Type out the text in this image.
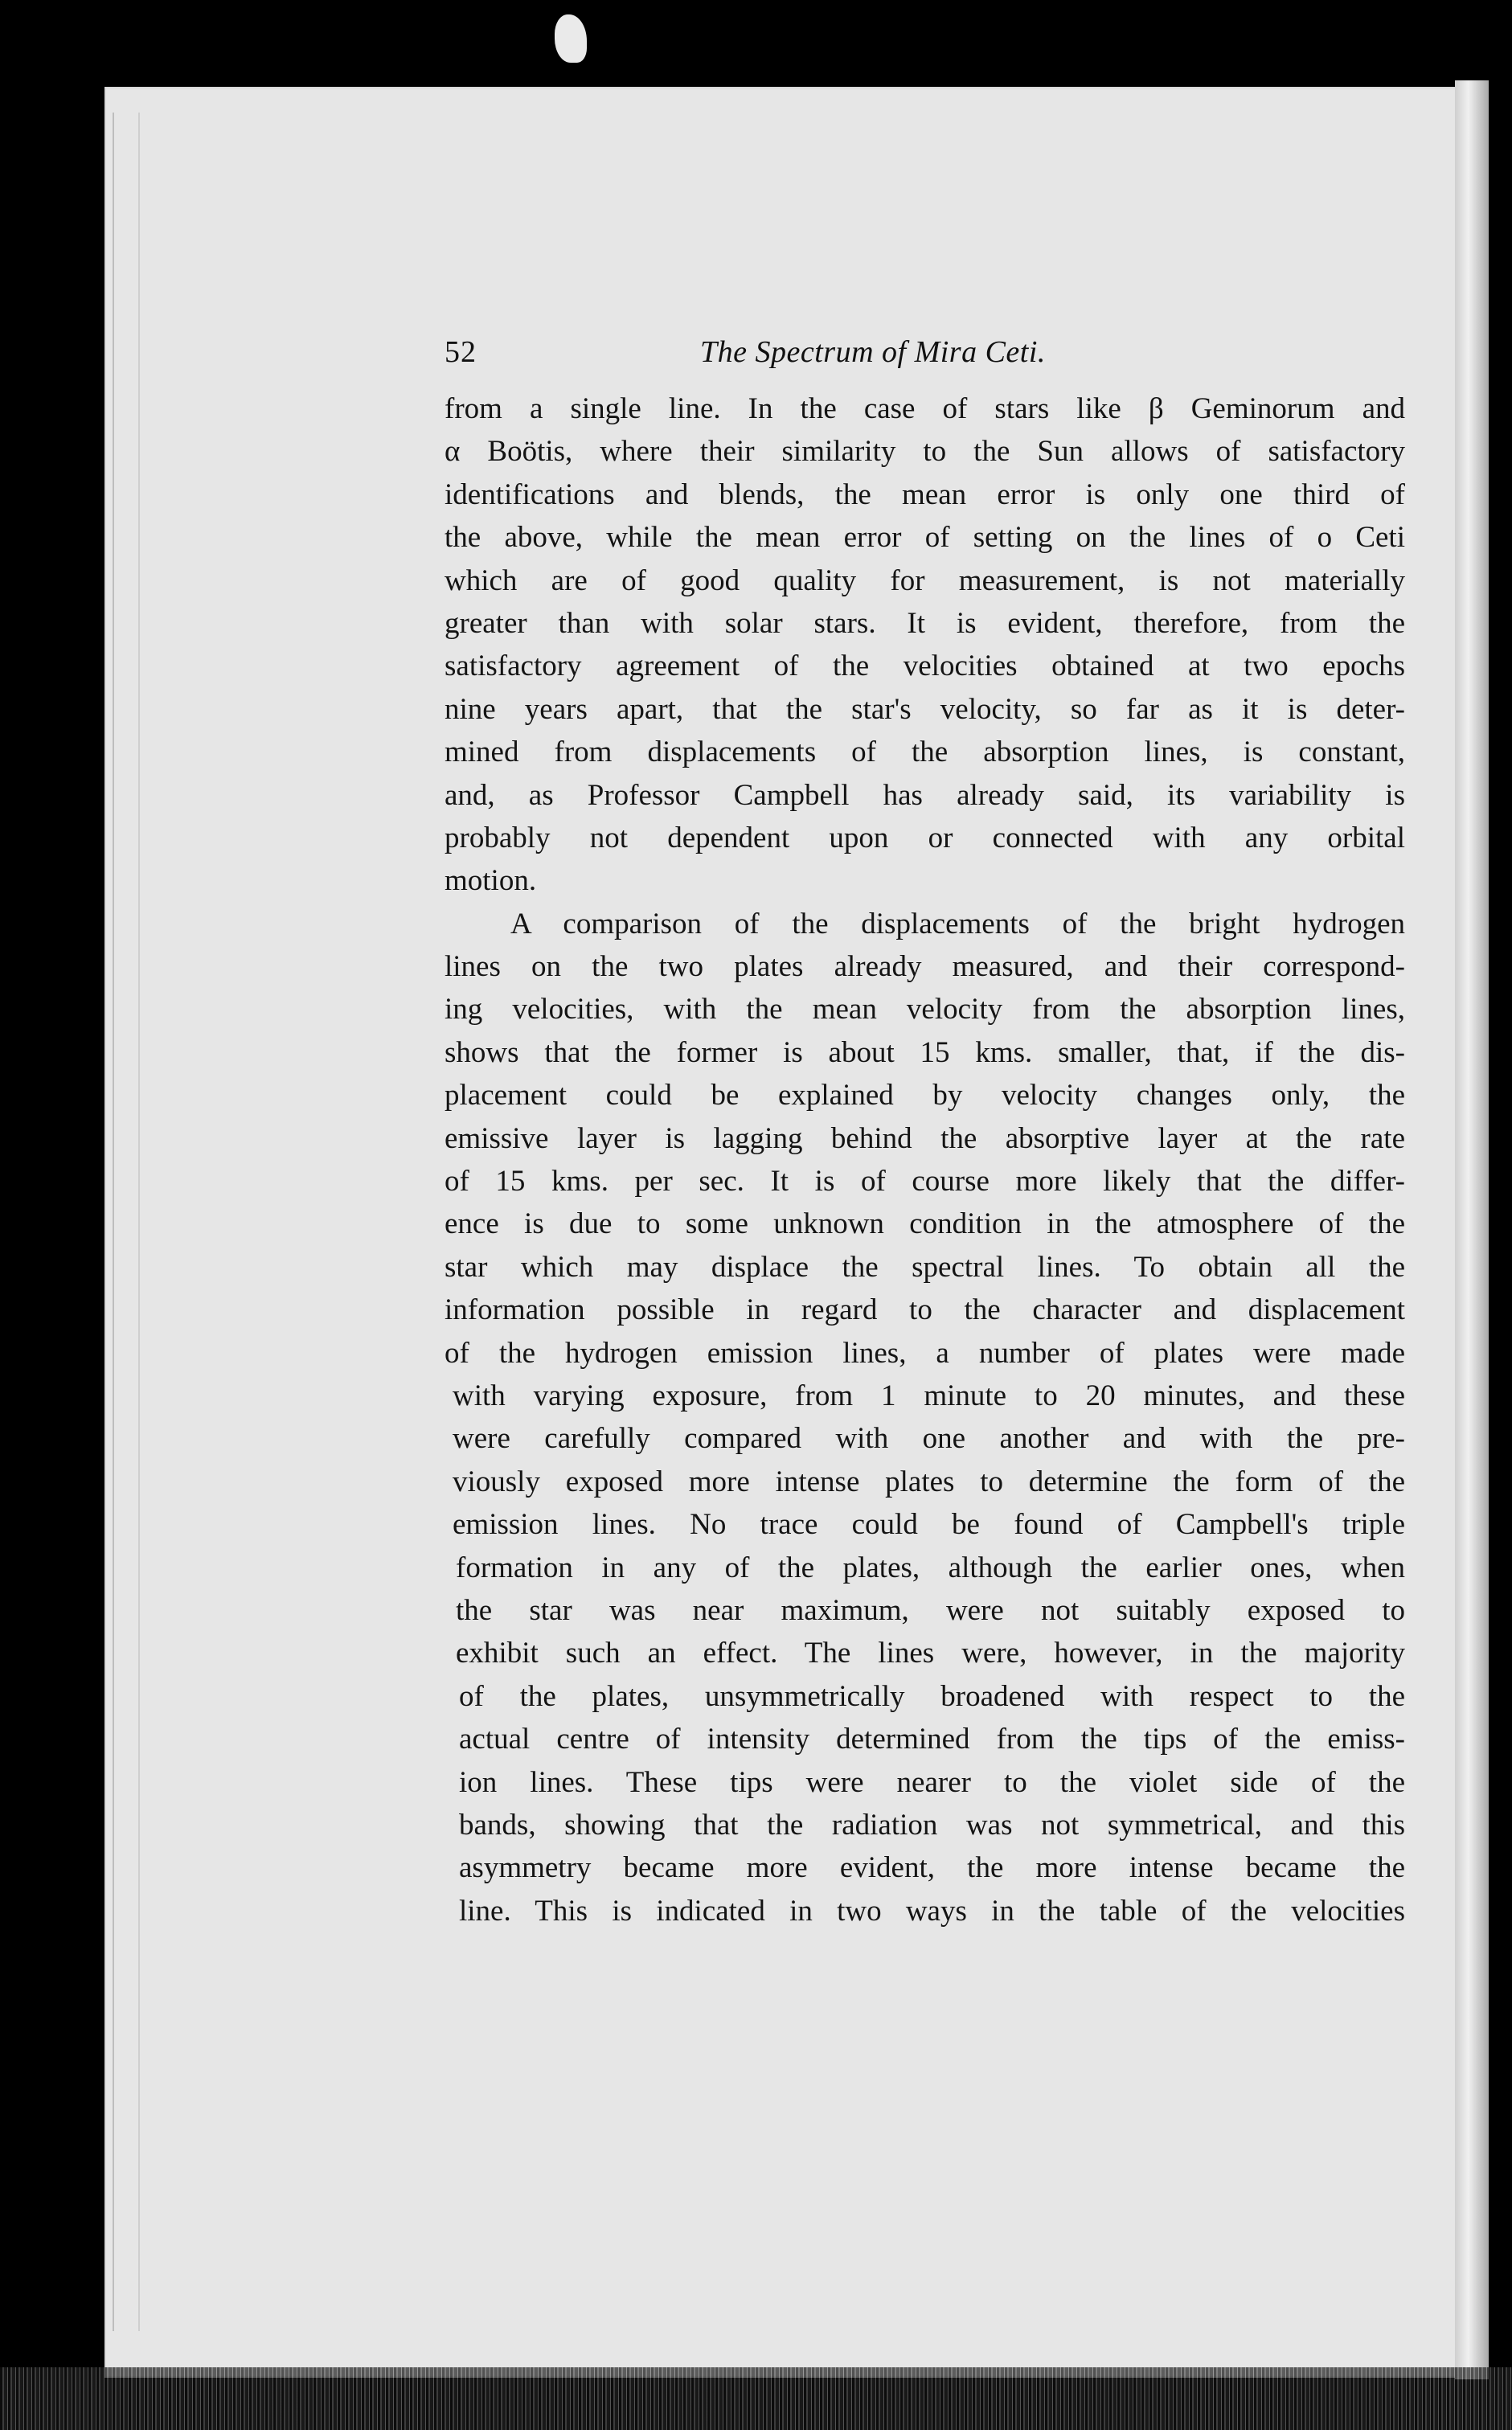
52	The Spectrum of Mira Ceti.
from a single line. In the case of stars like β Geminorum and
α Boötis, where their similarity to the Sun allows of satisfactory
identifications and blends, the mean error is only one third of
the above, while the mean error of setting on the lines of o Ceti
which are of good quality for measurement, is not materially
greater than with solar stars. It is evident, therefore, from the
satisfactory agreement of the velocities obtained at two epochs
nine years apart, that the star's velocity, so far as it is deter-
mined from displacements of the absorption lines, is constant,
and, as Professor Campbell has already said, its variability is
probably not dependent upon or connected with any orbital
motion.
A comparison of the displacements of the bright hydrogen
lines on the two plates already measured, and their correspond-
ing velocities, with the mean velocity from the absorption lines,
shows that the former is about 15 kms. smaller, that, if the dis-
placement could be explained by velocity changes only, the
emissive layer is lagging behind the absorptive layer at the rate
of 15 kms. per sec. It is of course more likely that the differ-
ence is due to some unknown condition in the atmosphere of the
star which may displace the spectral lines. To obtain all the
information possible in regard to the character and displacement
of the hydrogen emission lines, a number of plates were made
with varying exposure, from 1 minute to 20 minutes, and these
were carefully compared with one another and with the pre-
viously exposed more intense plates to determine the form of the
emission lines. No trace could be found of Campbell's triple
formation in any of the plates, although the earlier ones, when
the star was near maximum, were not suitably exposed to
exhibit such an effect. The lines were, however, in the majority
of the plates, unsymmetrically broadened with respect to the
actual centre of intensity determined from the tips of the emiss-
ion lines. These tips were nearer to the violet side of the
bands, showing that the radiation was not symmetrical, and this
asymmetry became more evident, the more intense became the
line. This is indicated in two ways in the table of the velocities
